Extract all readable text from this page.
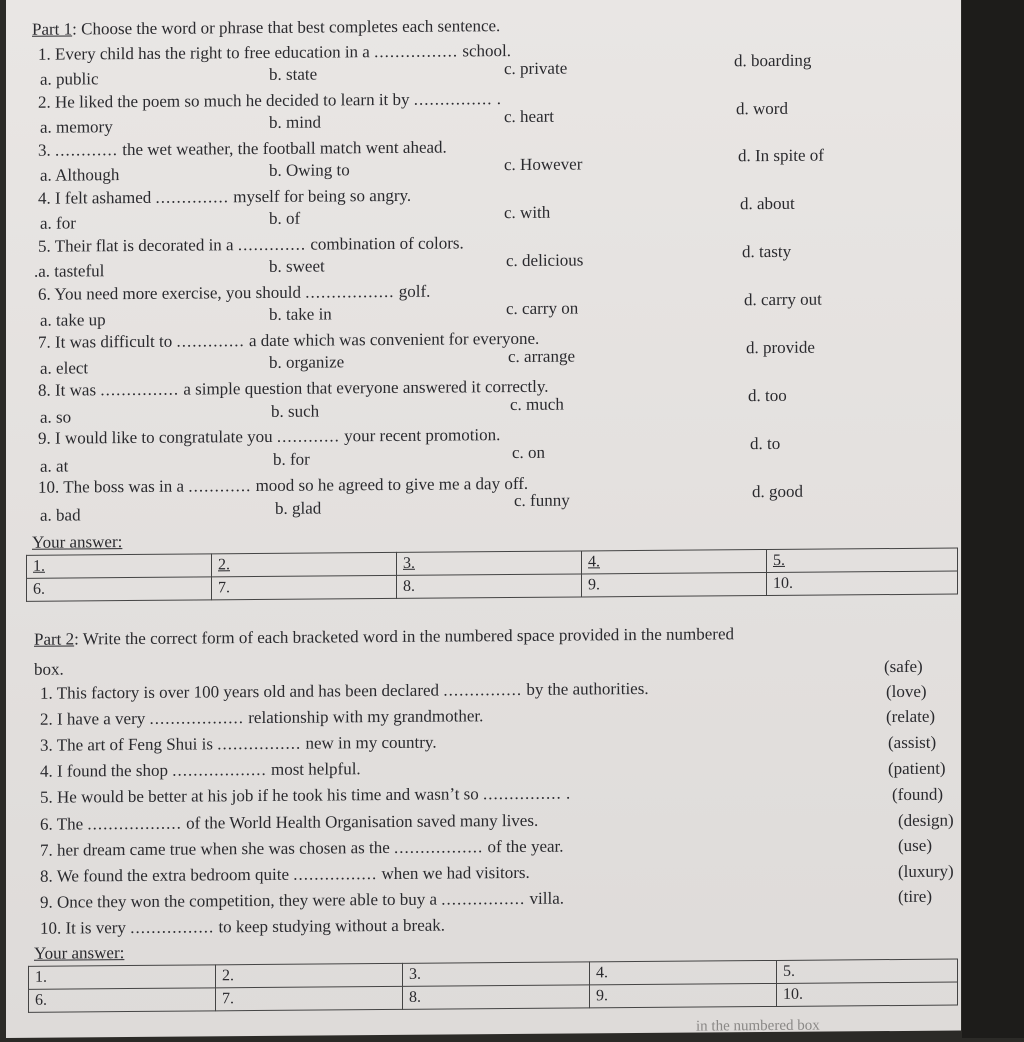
Part 1: Choose the word or phrase that best completes each sentence.
1. Every child has the right to free education in a ................ school.
a. public	b. state	c. private	d. boarding
2. He liked the poem so much he decided to learn it by ............... .
a. memory	b. mind	c. heart	d. word
3. ............ the wet weather, the football match went ahead.
a. Although	b. Owing to	c. However	d. In spite of
4. I felt ashamed .............. myself for being so angry.
a. for	b. of	c. with	d. about
5. Their flat is decorated in a ............. combination of colors.
.a. tasteful	b. sweet	c. delicious	d. tasty
6. You need more exercise, you should ................. golf.
a. take up	b. take in	c. carry on	d. carry out
7. It was difficult to ............. a date which was convenient for everyone.
a. elect	b. organize	c. arrange	d. provide
8. It was ............... a simple question that everyone answered it correctly.
a. so	b. such	c. much	d. too
9. I would like to congratulate you ............ your recent promotion.
a. at	b. for	c. on	d. to
10. The boss was in a ............ mood so he agreed to give me a day off.
a. bad	b. glad	c. funny	d. good
Your answer:
1.	2.	3.	4.	5.
6.	7.	8.	9.	10.
Part 2: Write the correct form of each bracketed word in the numbered space provided in the numbered
box.
1. This factory is over 100 years old and has been declared ............... by the authorities.
(safe)
2. I have a very .................. relationship with my grandmother.
(love)
3. The art of Feng Shui is ................ new in my country.
(relate)
4. I found the shop .................. most helpful.
(assist)
5. He would be better at his job if he took his time and wasn’t so ............... .
(patient)
6. The .................. of the World Health Organisation saved many lives.
(found)
7. her dream came true when she was chosen as the ................. of the year.
(design)
8. We found the extra bedroom quite ................ when we had visitors.
(use)
9. Once they won the competition, they were able to buy a ................ villa.
(luxury)
10. It is very ................ to keep studying without a break.
(tire)
Your answer:
1.	2.	3.	4.	5.
6.	7.	8.	9.	10.
in the numbered box
